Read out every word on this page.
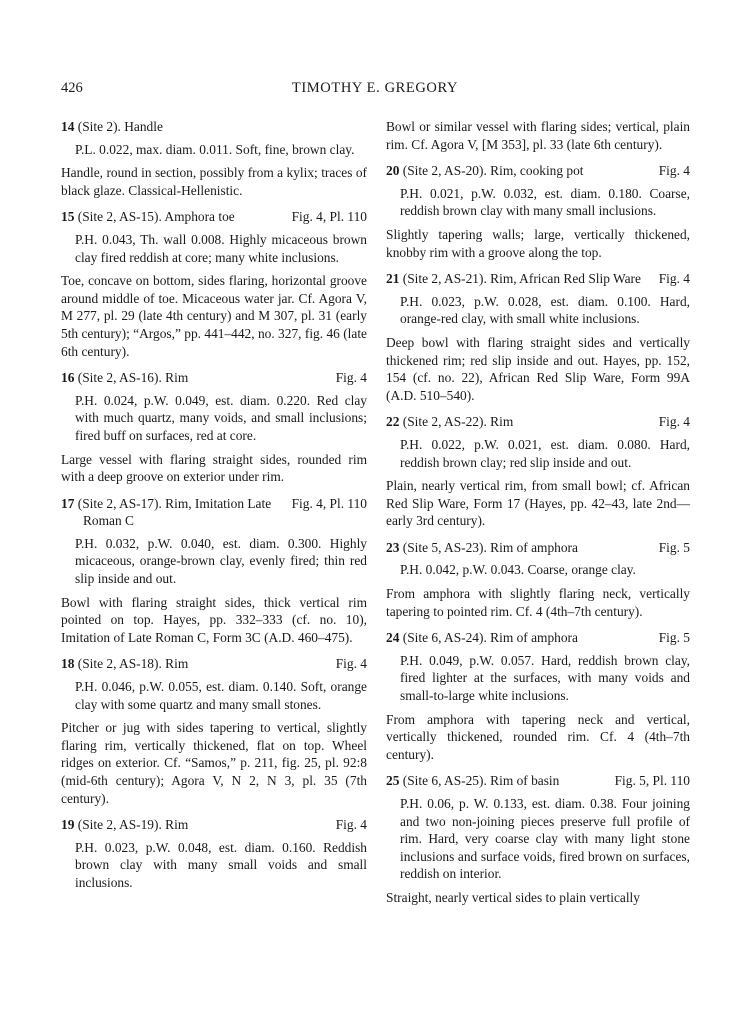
426	TIMOTHY E. GREGORY
14 (Site 2). Handle
P.L. 0.022, max. diam. 0.011. Soft, fine, brown clay.
Handle, round in section, possibly from a kylix; traces of black glaze. Classical-Hellenistic.
15 (Site 2, AS-15). Amphora toe	Fig. 4, Pl. 110
P.H. 0.043, Th. wall 0.008. Highly micaceous brown clay fired reddish at core; many white inclusions.
Toe, concave on bottom, sides flaring, horizontal groove around middle of toe. Micaceous water jar. Cf. Agora V, M 277, pl. 29 (late 4th century) and M 307, pl. 31 (early 5th century); “Argos,” pp. 441–442, no. 327, fig. 46 (late 6th century).
16 (Site 2, AS-16). Rim	Fig. 4
P.H. 0.024, p.W. 0.049, est. diam. 0.220. Red clay with much quartz, many voids, and small inclusions; fired buff on surfaces, red at core.
Large vessel with flaring straight sides, rounded rim with a deep groove on exterior under rim.
17 (Site 2, AS-17). Rim, Imitation Late Roman C
Fig. 4, Pl. 110
P.H. 0.032, p.W. 0.040, est. diam. 0.300. Highly micaceous, orange-brown clay, evenly fired; thin red slip inside and out.
Bowl with flaring straight sides, thick vertical rim pointed on top. Hayes, pp. 332–333 (cf. no. 10), Imitation of Late Roman C, Form 3C (A.D. 460–475).
18 (Site 2, AS-18). Rim	Fig. 4
P.H. 0.046, p.W. 0.055, est. diam. 0.140. Soft, orange clay with some quartz and many small stones.
Pitcher or jug with sides tapering to vertical, slightly flaring rim, vertically thickened, flat on top. Wheel ridges on exterior. Cf. “Samos,” p. 211, fig. 25, pl. 92:8 (mid-6th century); Agora V, N 2, N 3, pl. 35 (7th century).
19 (Site 2, AS-19). Rim	Fig. 4
P.H. 0.023, p.W. 0.048, est. diam. 0.160. Reddish brown clay with many small voids and small inclusions.
Bowl or similar vessel with flaring sides; vertical, plain rim. Cf. Agora V, [M 353], pl. 33 (late 6th century).
20 (Site 2, AS-20). Rim, cooking pot	Fig. 4
P.H. 0.021, p.W. 0.032, est. diam. 0.180. Coarse, reddish brown clay with many small inclusions.
Slightly tapering walls; large, vertically thickened, knobby rim with a groove along the top.
21 (Site 2, AS-21). Rim, African Red Slip Ware	Fig. 4
P.H. 0.023, p.W. 0.028, est. diam. 0.100. Hard, orange-red clay, with small white inclusions.
Deep bowl with flaring straight sides and vertically thickened rim; red slip inside and out. Hayes, pp. 152, 154 (cf. no. 22), African Red Slip Ware, Form 99A (A.D. 510–540).
22 (Site 2, AS-22). Rim	Fig. 4
P.H. 0.022, p.W. 0.021, est. diam. 0.080. Hard, reddish brown clay; red slip inside and out.
Plain, nearly vertical rim, from small bowl; cf. African Red Slip Ware, Form 17 (Hayes, pp. 42–43, late 2nd—early 3rd century).
23 (Site 5, AS-23). Rim of amphora	Fig. 5
P.H. 0.042, p.W. 0.043. Coarse, orange clay.
From amphora with slightly flaring neck, vertically tapering to pointed rim. Cf. 4 (4th–7th century).
24 (Site 6, AS-24). Rim of amphora	Fig. 5
P.H. 0.049, p.W. 0.057. Hard, reddish brown clay, fired lighter at the surfaces, with many voids and small-to-large white inclusions.
From amphora with tapering neck and vertical, vertically thickened, rounded rim. Cf. 4 (4th–7th century).
25 (Site 6, AS-25). Rim of basin	Fig. 5, Pl. 110
P.H. 0.06, p. W. 0.133, est. diam. 0.38. Four joining and two non-joining pieces preserve full profile of rim. Hard, very coarse clay with many light stone inclusions and surface voids, fired brown on surfaces, reddish on interior.
Straight, nearly vertical sides to plain vertically
